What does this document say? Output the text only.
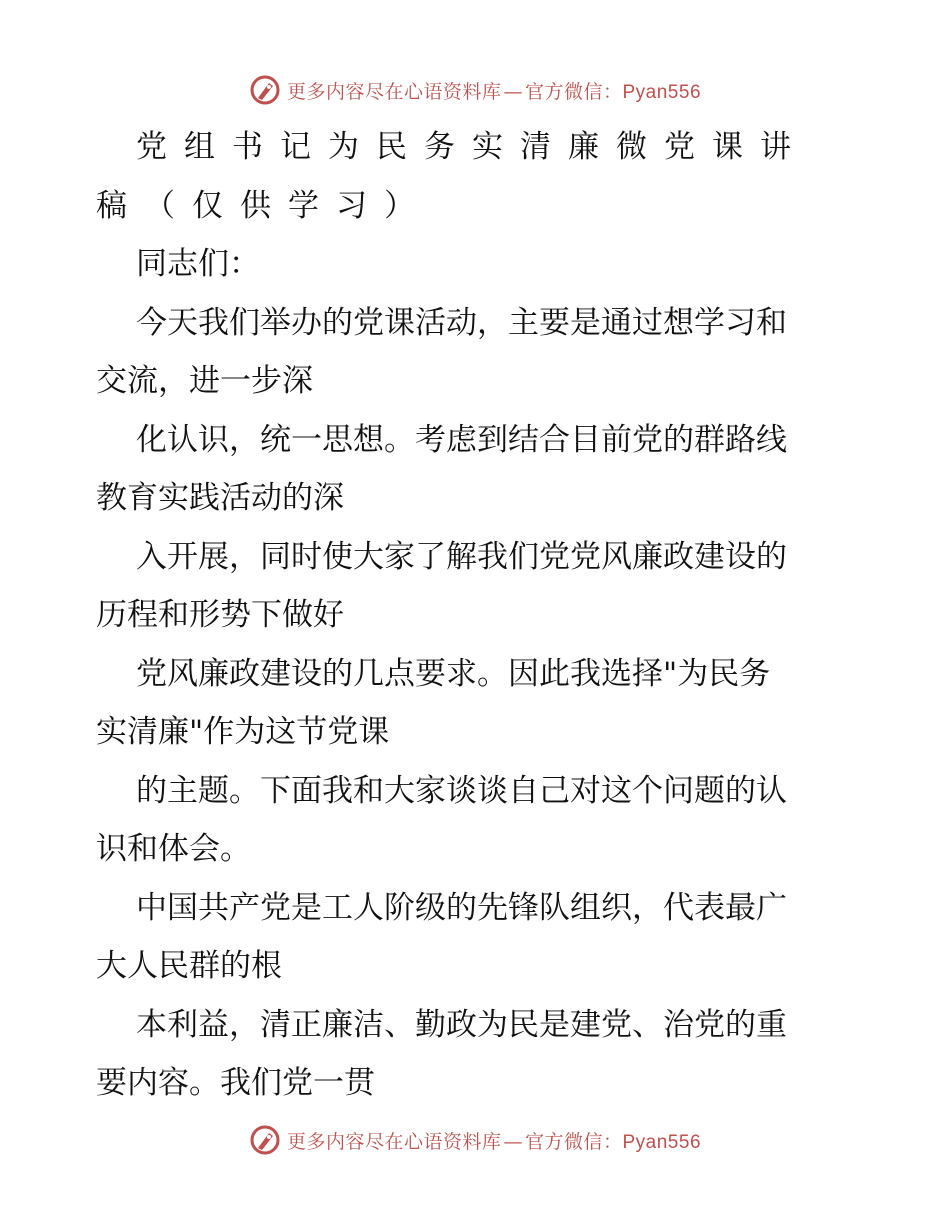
更多内容尽在心语资料库 — 官方微信：Pyan556
党组书记为民务实清廉微党课讲
稿（仅供学习）
同志们：
今天我们举办的党课活动，主要是通过想学习和
交流，进一步深
化认识，统一思想。考虑到结合目前党的群路线
教育实践活动的深
入开展，同时使大家了解我们党党风廉政建设的
历程和形势下做好
党风廉政建设的几点要求。因此我选择"为民务
实清廉"作为这节党课
的主题。下面我和大家谈谈自己对这个问题的认
识和体会。
中国共产党是工人阶级的先锋队组织，代表最广
大人民群的根
本利益，清正廉洁、勤政为民是建党、治党的重
要内容。我们党一贯
更多内容尽在心语资料库 — 官方微信：Pyan556
